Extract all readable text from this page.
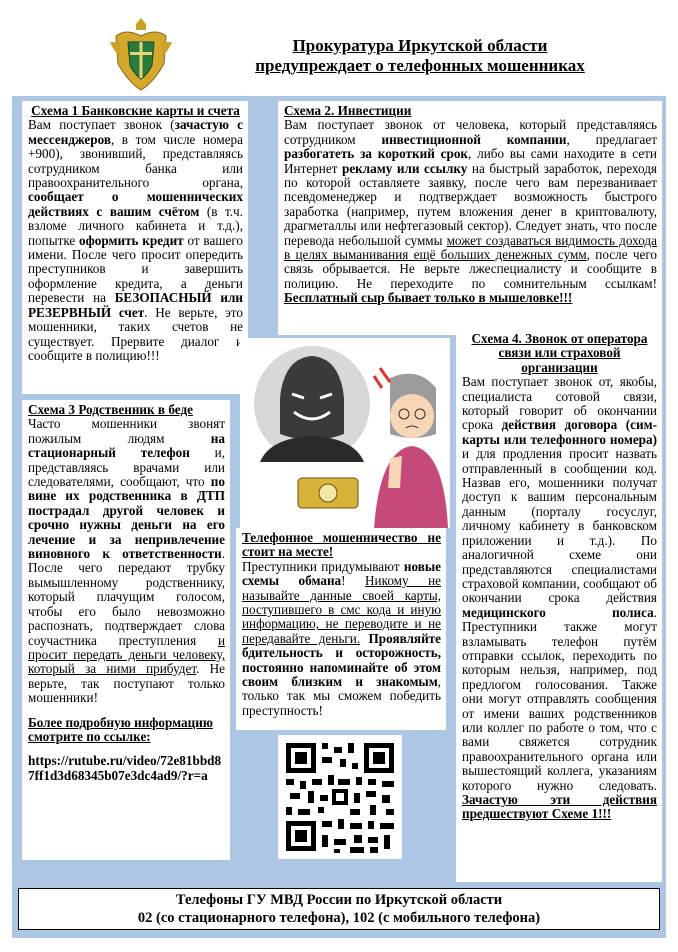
Прокуратура Иркутской области
предупреждает о телефонных мошенниках
Схема 1 Банковские карты и счета

Вам поступает звонок (зачастую с мессенджеров, в том числе номера +900), звонивший, представляясь сотрудником банка или правоохранительного органа, сообщает о мошеннических действиях с вашим счётом (в т.ч. взломе личного кабинета и т.д.), попытке оформить кредит от вашего имени. После чего просит опередить преступников и завершить оформление кредита, а деньги перевести на БЕЗОПАСНЫЙ или РЕЗЕРВНЫЙ счет. Не верьте, это мошенники, таких счетов не существует. Прервите диалог и сообщите в полицию!!!

Схема 2. Инвестиции

Вам поступает звонок от человека, который представляясь сотрудником инвестиционной компании, предлагает разбогатеть за короткий срок, либо вы сами находите в сети Интернет рекламу или ссылку на быстрый заработок, переходя по которой оставляете заявку, после чего вам перезванивает псевдоменеджер и подтверждает возможность быстрого заработка (например, путем вложения денег в криптовалюту, драгметаллы или нефтегазовый сектор). Следует знать, что после перевода небольшой суммы может создаваться видимость дохода в целях выманивания ещё больших денежных сумм, после чего связь обрывается. Не верьте лжеспециалисту и сообщите в полицию. Не переходите по сомнительным ссылкам! Бесплатный сыр бывает только в мышеловке!!!

Схема 3 Родственник в беде

Часто мошенники звонят пожилым людям на стационарный телефон и, представляясь врачами или следователями, сообщают, что по вине их родственника в ДТП пострадал другой человек и срочно нужны деньги на его лечение и за непривлечение виновного к ответственности. После чего передают трубку вымышленному родственнику, который плачущим голосом, чтобы его было невозможно распознать, подтверждает слова соучастника преступления и просит передать деньги человеку, который за ними прибудет. Не верьте, так поступают только мошенники!

Более подробную информацию смотрите по ссылке:

https://rutube.ru/video/72e81bbd87ff1d3d68345b07e3dc4ad9/?r=a

Телефонное мошенничество не стоит на месте!

Преступники придумывают новые схемы обмана! Никому не называйте данные своей карты, поступившего в смс кода и иную информацию, не переводите и не передавайте деньги. Проявляйте бдительность и осторожность, постоянно напоминайте об этом своим близким и знакомым, только так мы сможем победить преступность!

Схема 4. Звонок от оператора связи или страховой организации

Вам поступает звонок от, якобы, специалиста сотовой связи, который говорит об окончании срока действия договора (сим-карты или телефонного номера) и для продления просит назвать отправленный в сообщении код. Назвав его, мошенники получат доступ к вашим персональным данным (порталу госуслуг, личному кабинету в банковском приложении и т.д.). По аналогичной схеме они представляются специалистами страховой компании, сообщают об окончании срока действия медицинского полиса. Преступники также могут взламывать телефон путём отправки ссылок, переходить по которым нельзя, например, под предлогом голосования. Также они могут отправлять сообщения от имени ваших родственников или коллег по работе о том, что с вами свяжется сотрудник правоохранительного органа или вышестоящий коллега, указаниям которого нужно следовать. Зачастую эти действия предшествуют Схеме 1!!!

Телефоны ГУ МВД России по Иркутской области
02 (со стационарного телефона), 102 (с мобильного телефона)
